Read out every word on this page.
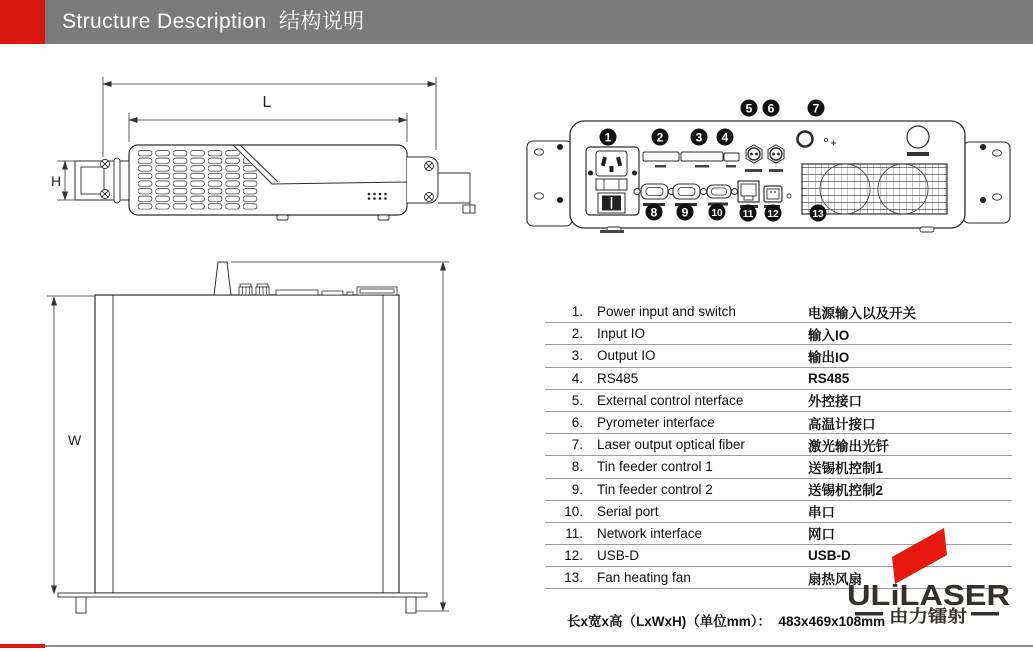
Structure Description  结构说明
L
H
W
1	2	3 4
5 6	7
8 9 10 11 12	13
1. Power input and switch	电源输入以及开关
2. Input IO	输入IO
3. Output IO	输出IO
4. RS485	RS485
5. External control nterface	外控接口
6. Pyrometer interface	高温计接口
7. Laser output optical fiber	激光输出光钎
8. Tin feeder control 1	送锡机控制1
9. Tin feeder control 2	送锡机控制2
10. Serial port	串口
11. Network interface	网口
12. USB-D	USB-D
13. Fan heating fan	扇热风扇
ULiLASER
由力镭射
长x宽x高（LxWxH)（单位mm）：  483x469x108mm
